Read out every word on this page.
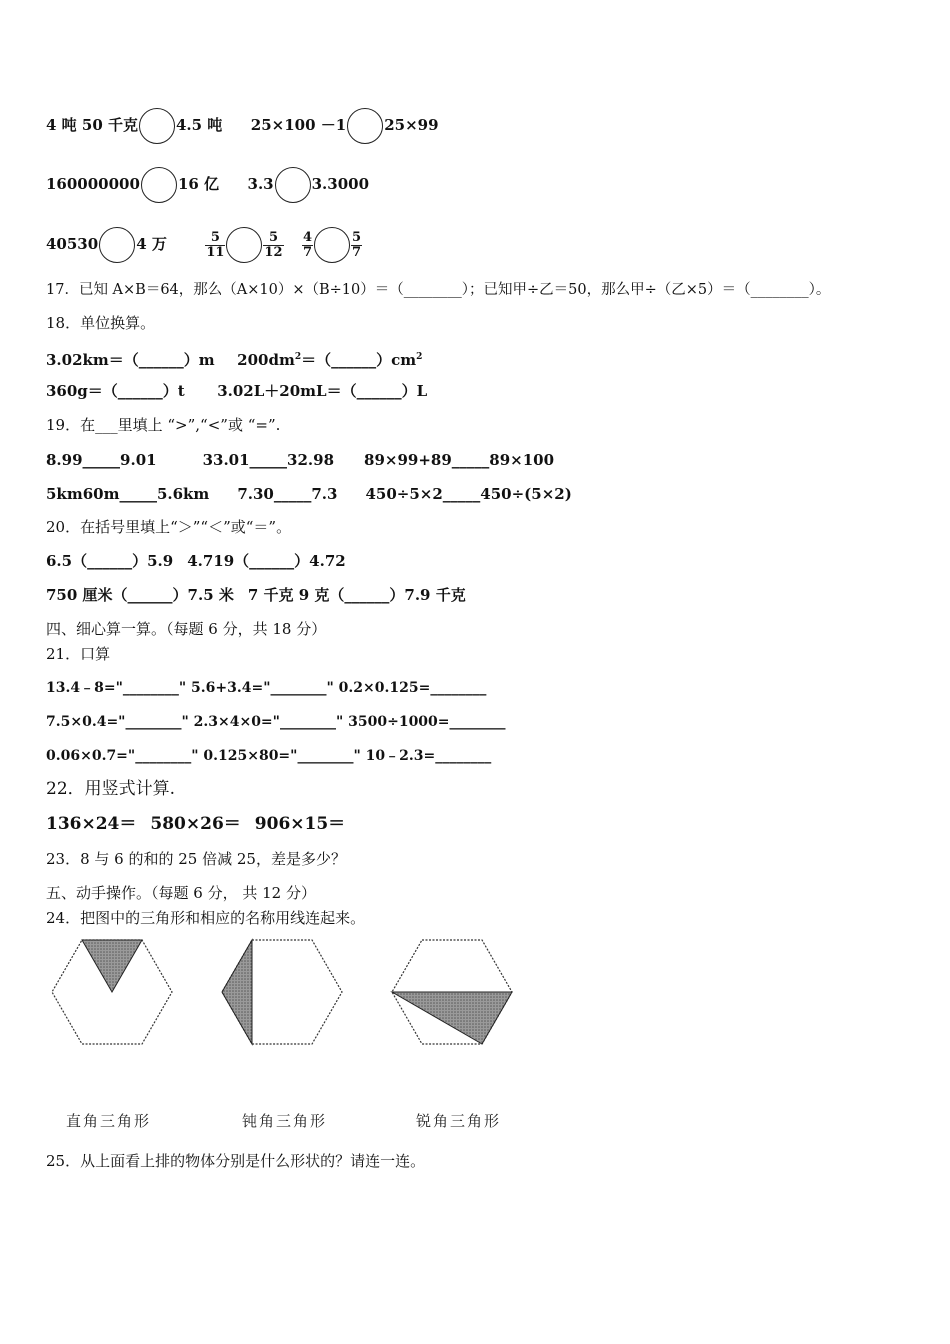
4 吨 50 千克	4.5 吨 25×100 －1	25×99
160000000	16 亿 3.3	3.3000
40530	4 万	$\frac{5}{11}$	$\frac{5}{12}$
$\frac{4}{7}$	$\frac{5}{7}$
17．已知 A×B＝64，那么（A×10）×（B÷10）＝（________）；已知甲÷乙＝50，那么甲÷（乙×5）＝（________）。
18．单位换算。
3.02km＝（______）m $200dm^2=(\_\_\_\_\_\_)cm^2$
360g＝（______）t 3.02L＋20mL＝（______）L
19．在___里填上 “>”,“<”或 “=”.
8.99_____9.01	33.01_____32.98 89×99+89_____89×100
5km60m_____5.6km 7.30_____7.3 450÷5×2_____450÷(5×2)
20．在括号里填上“＞”“＜”或“＝”。
6.5（______）5.9 4.719（______）4.72
750 厘米（______）7.5 米 7 千克 9 克（______）7.9 千克
四、细心算一算。（每题 6 分，共 18 分）
21．口算
13.4﹣8="________" 5.6+3.4="________" 0.2×0.125=________
7.5×0.4="________" 2.3×4×0="________" 3500÷1000=________
0.06×0.7="________" 0.125×80="________" 10﹣2.3=________
22．用竖式计算.
136×24＝ 580×26＝ 906×15＝
23．8 与 6 的和的 25 倍减 25，差是多少？
五、动手操作。（每题 6 分， 共 12 分）
24．把图中的三角形和相应的名称用线连起来。
直角三角形	钝角三角形	锐角三角形
25．从上面看上排的物体分别是什么形状的？请连一连。
